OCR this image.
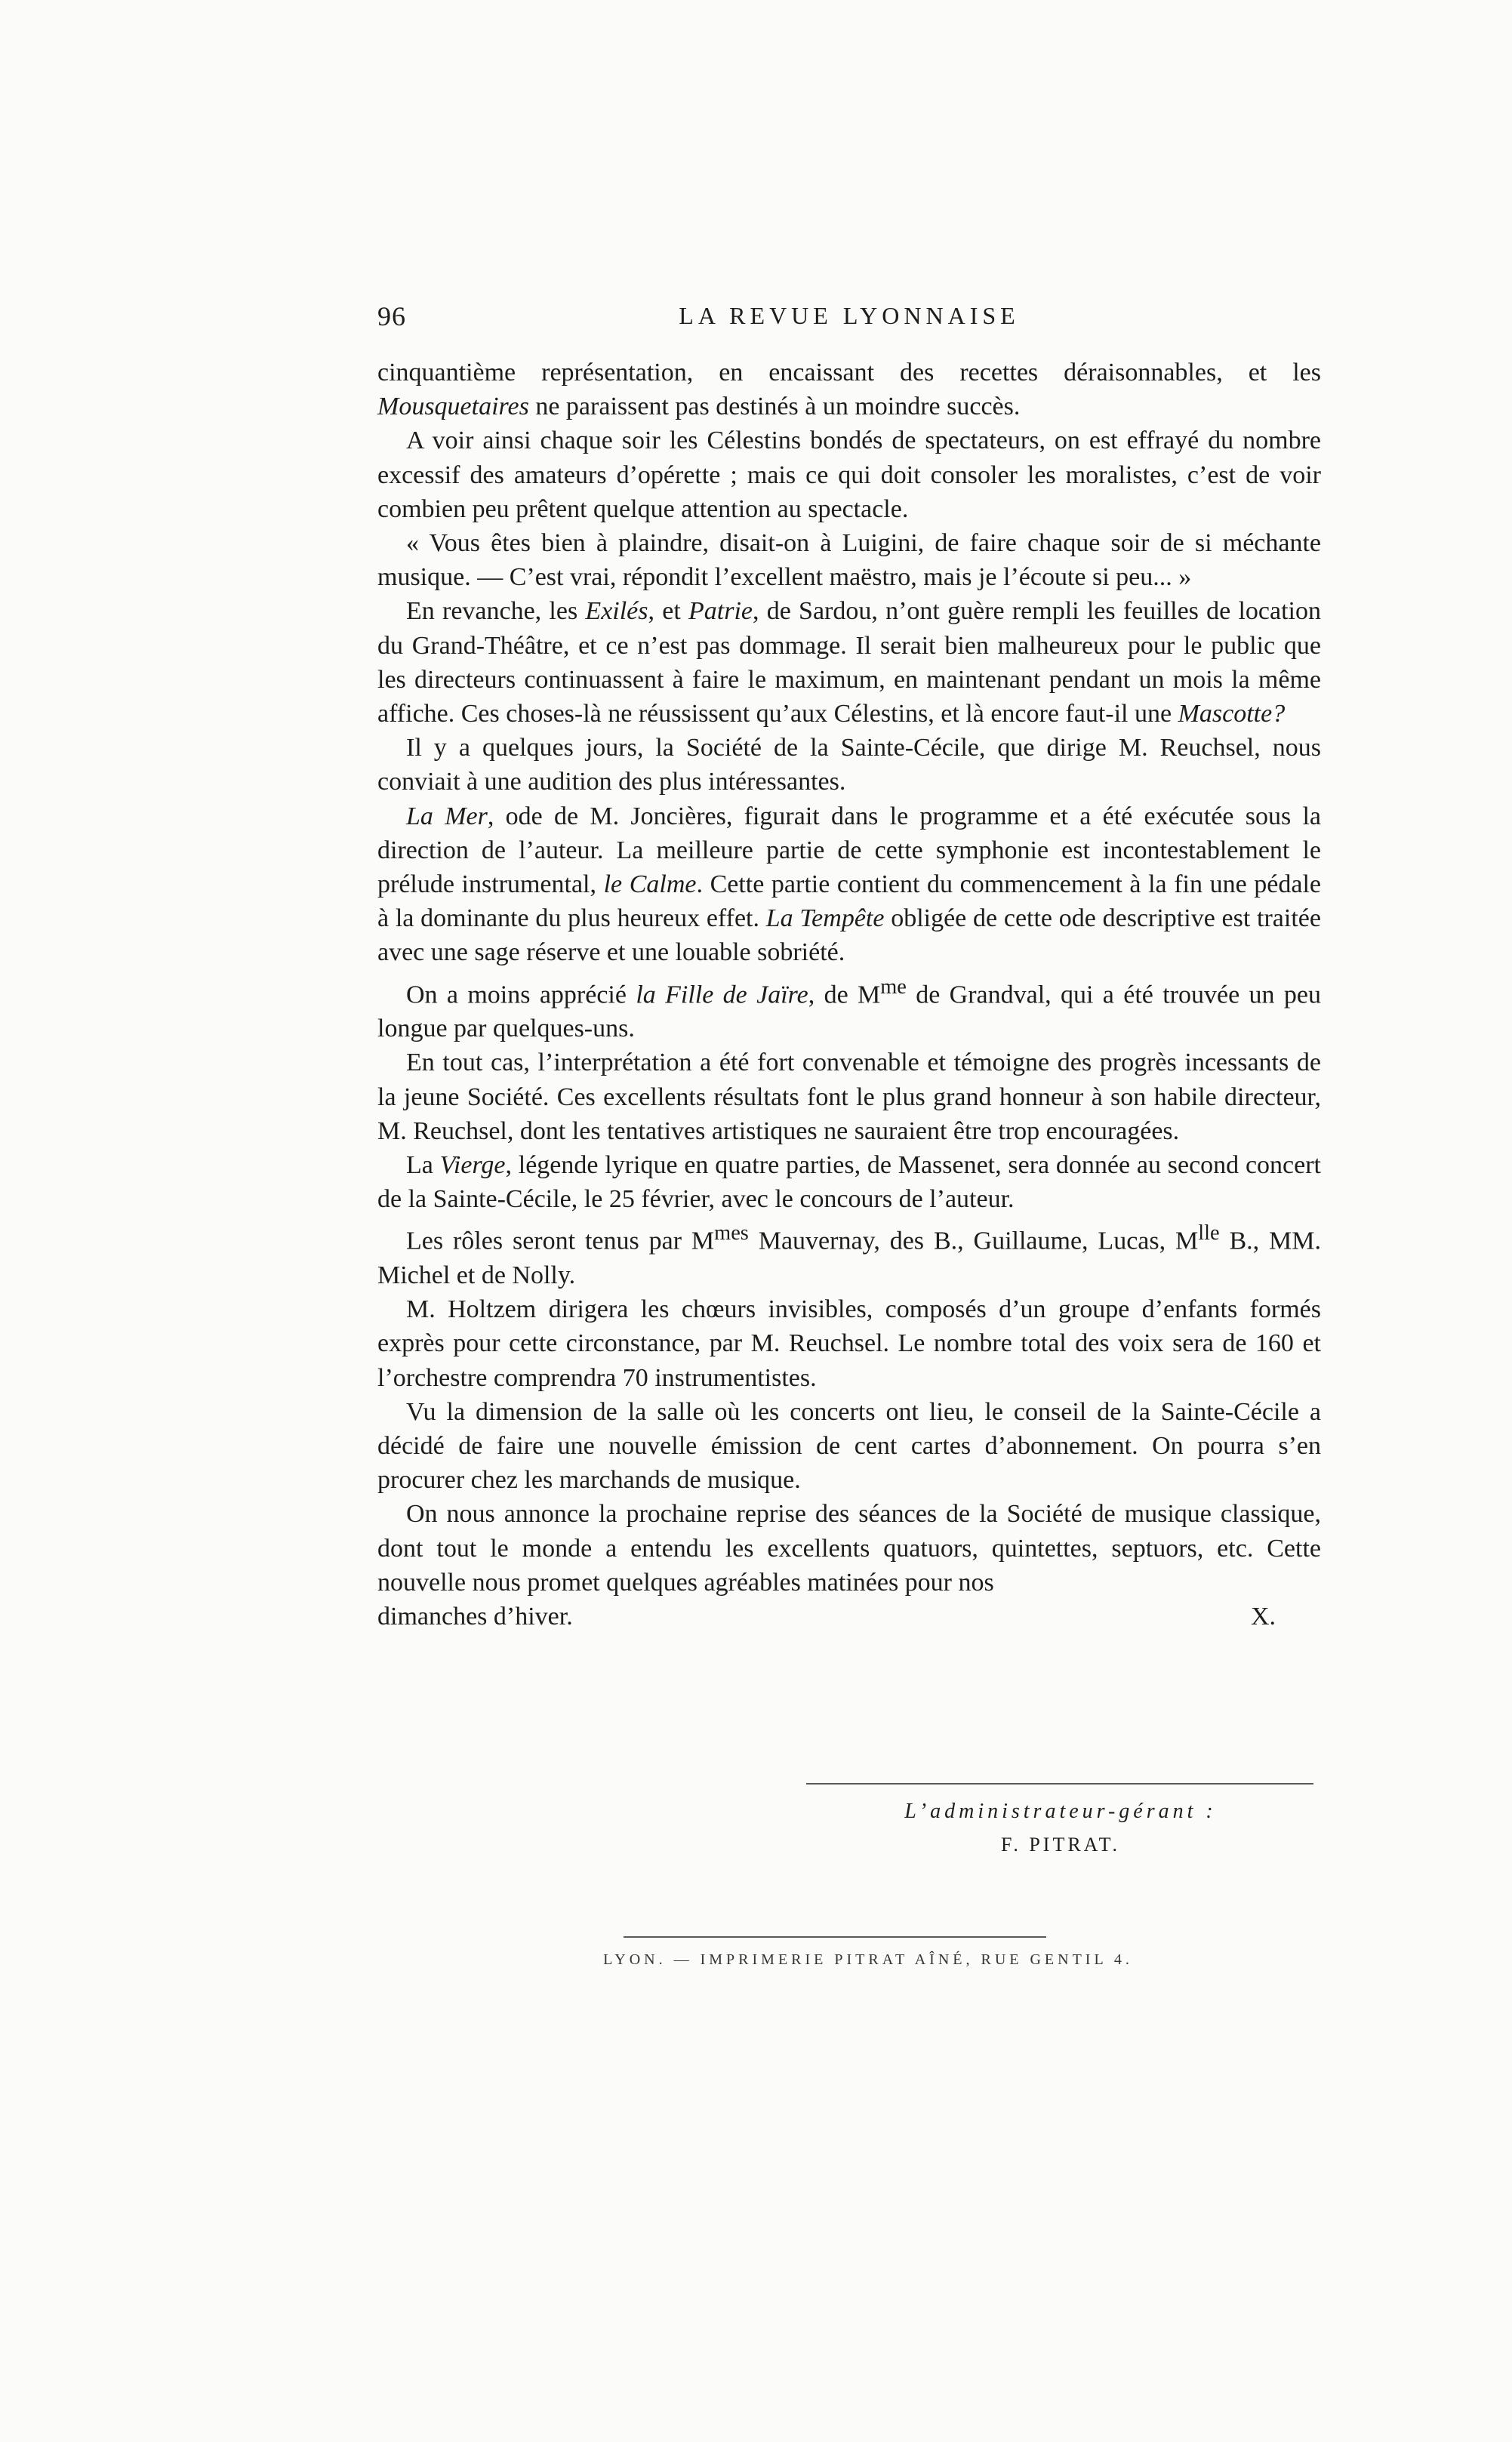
96	LA REVUE LYONNAISE

cinquantième représentation, en encaissant des recettes déraisonnables, et les Mousquetaires ne paraissent pas destinés à un moindre succès.

A voir ainsi chaque soir les Célestins bondés de spectateurs, on est effrayé du nombre excessif des amateurs d’opérette ; mais ce qui doit consoler les moralistes, c’est de voir combien peu prêtent quelque attention au spectacle.

« Vous êtes bien à plaindre, disait-on à Luigini, de faire chaque soir de si méchante musique. — C’est vrai, répondit l’excellent maëstro, mais je l’écoute si peu... »

En revanche, les Exilés, et Patrie, de Sardou, n’ont guère rempli les feuilles de location du Grand-Théâtre, et ce n’est pas dommage. Il serait bien malheureux pour le public que les directeurs continuassent à faire le maximum, en maintenant pendant un mois la même affiche. Ces choses-là ne réussissent qu’aux Célestins, et là encore faut-il une Mascotte?

Il y a quelques jours, la Société de la Sainte-Cécile, que dirige M. Reuchsel, nous conviait à une audition des plus intéressantes.

La Mer, ode de M. Joncières, figurait dans le programme et a été exécutée sous la direction de l’auteur. La meilleure partie de cette symphonie est incontestablement le prélude instrumental, le Calme. Cette partie contient du commencement à la fin une pédale à la dominante du plus heureux effet. La Tempête obligée de cette ode descriptive est traitée avec une sage réserve et une louable sobriété.

On a moins apprécié la Fille de Jaïre, de $M^{me}$ de Grandval, qui a été trouvée un peu longue par quelques-uns.

En tout cas, l’interprétation a été fort convenable et témoigne des progrès incessants de la jeune Société. Ces excellents résultats font le plus grand honneur à son habile directeur, M. Reuchsel, dont les tentatives artistiques ne sauraient être trop encouragées.

La Vierge, légende lyrique en quatre parties, de Massenet, sera donnée au second concert de la Sainte-Cécile, le 25 février, avec le concours de l’auteur.

Les rôles seront tenus par $M^{mes}$ Mauvernay, des B., Guillaume, Lucas, $M^{lle}$ B., MM. Michel et de Nolly.

M. Holtzem dirigera les chœurs invisibles, composés d’un groupe d’enfants formés exprès pour cette circonstance, par M. Reuchsel. Le nombre total des voix sera de 160 et l’orchestre comprendra 70 instrumentistes.

Vu la dimension de la salle où les concerts ont lieu, le conseil de la Sainte-Cécile a décidé de faire une nouvelle émission de cent cartes d’abonnement. On pourra s’en procurer chez les marchands de musique.

On nous annonce la prochaine reprise des séances de la Société de musique classique, dont tout le monde a entendu les excellents quatuors, quintettes, septuors, etc. Cette nouvelle nous promet quelques agréables matinées pour nos

dimanches d’hiver.	X.
L’administrateur-gérant :
F. PITRAT.
LYON. — IMPRIMERIE PITRAT AÎNÉ, RUE GENTIL 4.
